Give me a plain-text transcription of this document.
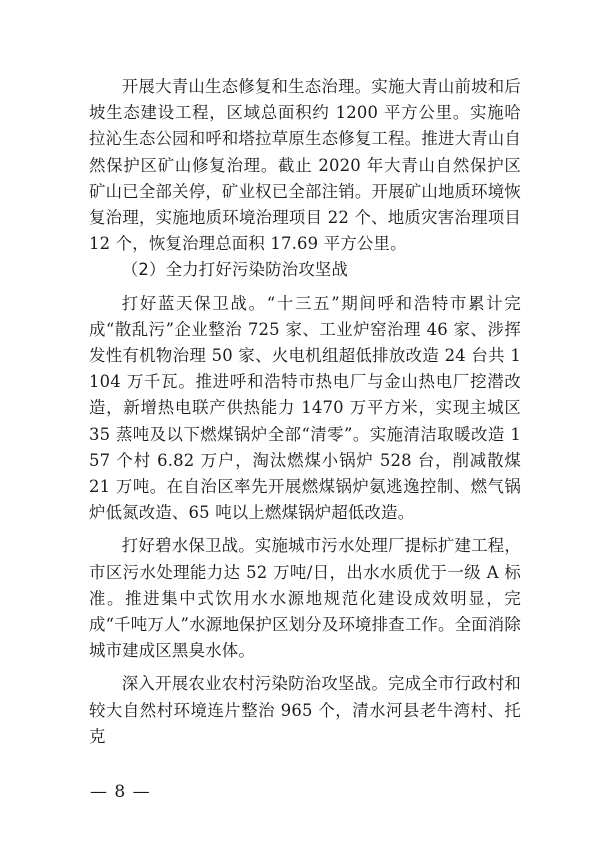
开展大青山生态修复和生态治理。实施大青山前坡和后坡生态建设工程，区域总面积约 1200 平方公里。实施哈拉沁生态公园和呼和塔拉草原生态修复工程。推进大青山自然保护区矿山修复治理。截止 2020 年大青山自然保护区矿山已全部关停，矿业权已全部注销。开展矿山地质环境恢复治理，实施地质环境治理项目 22 个、地质灾害治理项目 12 个，恢复治理总面积 17.69 平方公里。

（2）全力打好污染防治攻坚战

打好蓝天保卫战。“十三五”期间呼和浩特市累计完成“散乱污”企业整治 725 家、工业炉窑治理 46 家、涉挥发性有机物治理 50 家、火电机组超低排放改造 24 台共 1104 万千瓦。推进呼和浩特市热电厂与金山热电厂挖潜改造，新增热电联产供热能力 1470 万平方米，实现主城区 35 蒸吨及以下燃煤锅炉全部“清零”。实施清洁取暖改造 157 个村 6.82 万户，淘汰燃煤小锅炉 528 台，削减散煤 21 万吨。在自治区率先开展燃煤锅炉氨逃逸控制、燃气锅炉低氮改造、65 吨以上燃煤锅炉超低改造。

打好碧水保卫战。实施城市污水处理厂提标扩建工程，市区污水处理能力达 52 万吨/日，出水水质优于一级 A 标准。推进集中式饮用水水源地规范化建设成效明显，完成“千吨万人”水源地保护区划分及环境排查工作。全面消除城市建成区黑臭水体。

深入开展农业农村污染防治攻坚战。完成全市行政村和较大自然村环境连片整治 965 个，清水河县老牛湾村、托克

— 8 —
